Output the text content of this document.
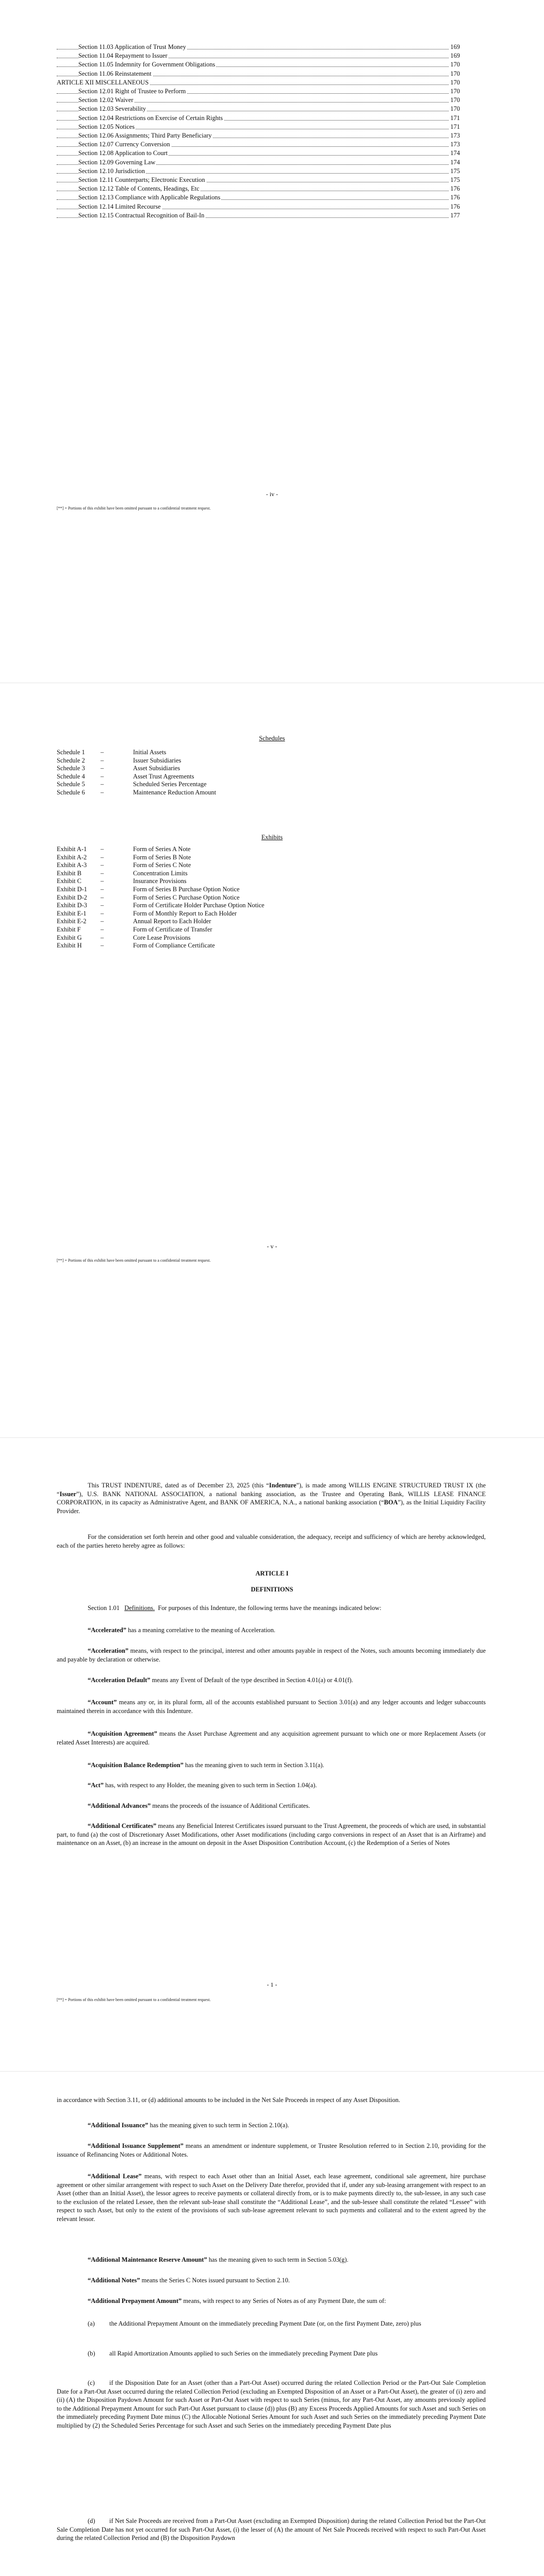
Section 11.03 Application of Trust Money	169
Section 11.04 Repayment to Issuer	169
Section 11.05 Indemnity for Government Obligations	170
Section 11.06 Reinstatement	170
ARTICLE XII MISCELLANEOUS	170
Section 12.01 Right of Trustee to Perform	170
Section 12.02 Waiver	170
Section 12.03 Severability	170
Section 12.04 Restrictions on Exercise of Certain Rights	171
Section 12.05 Notices	171
Section 12.06 Assignments; Third Party Beneficiary	173
Section 12.07 Currency Conversion	173
Section 12.08 Application to Court	174
Section 12.09 Governing Law	174
Section 12.10 Jurisdiction	175
Section 12.11 Counterparts; Electronic Execution	175
Section 12.12 Table of Contents, Headings, Etc	176
Section 12.13 Compliance with Applicable Regulations	176
Section 12.14 Limited Recourse	176
Section 12.15 Contractual Recognition of Bail-In	177
- iv -
[**] = Portions of this exhibit have been omitted pursuant to a confidential treatment request.
Schedules
Schedule 1 –	Initial Assets
Schedule 2 –	Issuer Subsidiaries
Schedule 3 –	Asset Subsidiaries
Schedule 4 –	Asset Trust Agreements
Schedule 5 –	Scheduled Series Percentage
Schedule 6 –	Maintenance Reduction Amount
Exhibits
Exhibit A-1 –	Form of Series A Note
Exhibit A-2 –	Form of Series B Note
Exhibit A-3 –	Form of Series C Note
Exhibit B	–	Concentration Limits
Exhibit C	–	Insurance Provisions
Exhibit D-1 –	Form of Series B Purchase Option Notice
Exhibit D-2 –	Form of Series C Purchase Option Notice
Exhibit D-3 –	Form of Certificate Holder Purchase Option Notice
Exhibit E-1 –	Form of Monthly Report to Each Holder
Exhibit E-2 –	Annual Report to Each Holder
Exhibit F	–	Form of Certificate of Transfer
Exhibit G	–	Core Lease Provisions
Exhibit H	–	Form of Compliance Certificate
- v -
[**] = Portions of this exhibit have been omitted pursuant to a confidential treatment request.
This TRUST INDENTURE, dated as of December 23, 2025 (this “Indenture”), is made among WILLIS ENGINE STRUCTURED TRUST IX (the “Issuer”), U.S. BANK NATIONAL ASSOCIATION, a national banking association, as the Trustee and Operating Bank, WILLIS LEASE FINANCE CORPORATION, in its capacity as Administrative Agent, and BANK OF AMERICA, N.A., a national banking association (“BOA”), as the Initial Liquidity Facility Provider.
For the consideration set forth herein and other good and valuable consideration, the adequacy, receipt and sufficiency of which are hereby acknowledged, each of the parties hereto hereby agree as follows:
ARTICLE I
DEFINITIONS
Section 1.01 Definitions. For purposes of this Indenture, the following terms have the meanings indicated below:
“Accelerated” has a meaning correlative to the meaning of Acceleration.
“Acceleration” means, with respect to the principal, interest and other amounts payable in respect of the Notes, such amounts becoming immediately due and payable by declaration or otherwise.
“Acceleration Default” means any Event of Default of the type described in Section 4.01(a) or 4.01(f).
“Account” means any or, in its plural form, all of the accounts established pursuant to Section 3.01(a) and any ledger accounts and ledger subaccounts maintained therein in accordance with this Indenture.
“Acquisition Agreement” means the Asset Purchase Agreement and any acquisition agreement pursuant to which one or more Replacement Assets (or related Asset Interests) are acquired.
“Acquisition Balance Redemption” has the meaning given to such term in Section 3.11(a).
“Act” has, with respect to any Holder, the meaning given to such term in Section 1.04(a).
“Additional Advances” means the proceeds of the issuance of Additional Certificates.
“Additional Certificates” means any Beneficial Interest Certificates issued pursuant to the Trust Agreement, the proceeds of which are used, in substantial part, to fund (a) the cost of Discretionary Asset Modifications, other Asset modifications (including cargo conversions in respect of an Asset that is an Airframe) and maintenance on an Asset, (b) an increase in the amount on deposit in the Asset Disposition Contribution Account, (c) the Redemption of a Series of Notes
- 1 -
[**] = Portions of this exhibit have been omitted pursuant to a confidential treatment request.
in accordance with Section 3.11, or (d) additional amounts to be included in the Net Sale Proceeds in respect of any Asset Disposition.
“Additional Issuance” has the meaning given to such term in Section 2.10(a).
“Additional Issuance Supplement” means an amendment or indenture supplement, or Trustee Resolution referred to in Section 2.10, providing for the issuance of Refinancing Notes or Additional Notes.
“Additional Lease” means, with respect to each Asset other than an Initial Asset, each lease agreement, conditional sale agreement, hire purchase agreement or other similar arrangement with respect to such Asset on the Delivery Date therefor, provided that if, under any sub-leasing arrangement with respect to an Asset (other than an Initial Asset), the lessor agrees to receive payments or collateral directly from, or is to make payments directly to, the sub-lessee, in any such case to the exclusion of the related Lessee, then the relevant sub-lease shall constitute the “Additional Lease”, and the sub-lessee shall constitute the related “Lessee” with respect to such Asset, but only to the extent of the provisions of such sub-lease agreement relevant to such payments and collateral and to the extent agreed by the relevant lessor.
“Additional Maintenance Reserve Amount” has the meaning given to such term in Section 5.03(g).
“Additional Notes” means the Series C Notes issued pursuant to Section 2.10.
“Additional Prepayment Amount” means, with respect to any Series of Notes as of any Payment Date, the sum of:
(a) the Additional Prepayment Amount on the immediately preceding Payment Date (or, on the first Payment Date, zero) plus
(b) all Rapid Amortization Amounts applied to such Series on the immediately preceding Payment Date plus
(c) if the Disposition Date for an Asset (other than a Part-Out Asset) occurred during the related Collection Period or the Part-Out Sale Completion Date for a Part-Out Asset occurred during the related Collection Period (excluding an Exempted Disposition of an Asset or a Part-Out Asset), the greater of (i) zero and (ii) (A) the Disposition Paydown Amount for such Asset or Part-Out Asset with respect to such Series (minus, for any Part-Out Asset, any amounts previously applied to the Additional Prepayment Amount for such Part-Out Asset pursuant to clause (d)) plus (B) any Excess Proceeds Applied Amounts for such Asset and such Series on the immediately preceding Payment Date minus (C) the Allocable Notional Series Amount for such Asset and such Series on the immediately preceding Payment Date multiplied by (2) the Scheduled Series Percentage for such Asset and such Series on the immediately preceding Payment Date plus
(d) if Net Sale Proceeds are received from a Part-Out Asset (excluding an Exempted Disposition) during the related Collection Period but the Part-Out Sale Completion Date has not yet occurred for such Part-Out Asset, (i) the lesser of (A) the amount of Net Sale Proceeds received with respect to such Part-Out Asset during the related Collection Period and (B) the Disposition Paydown
